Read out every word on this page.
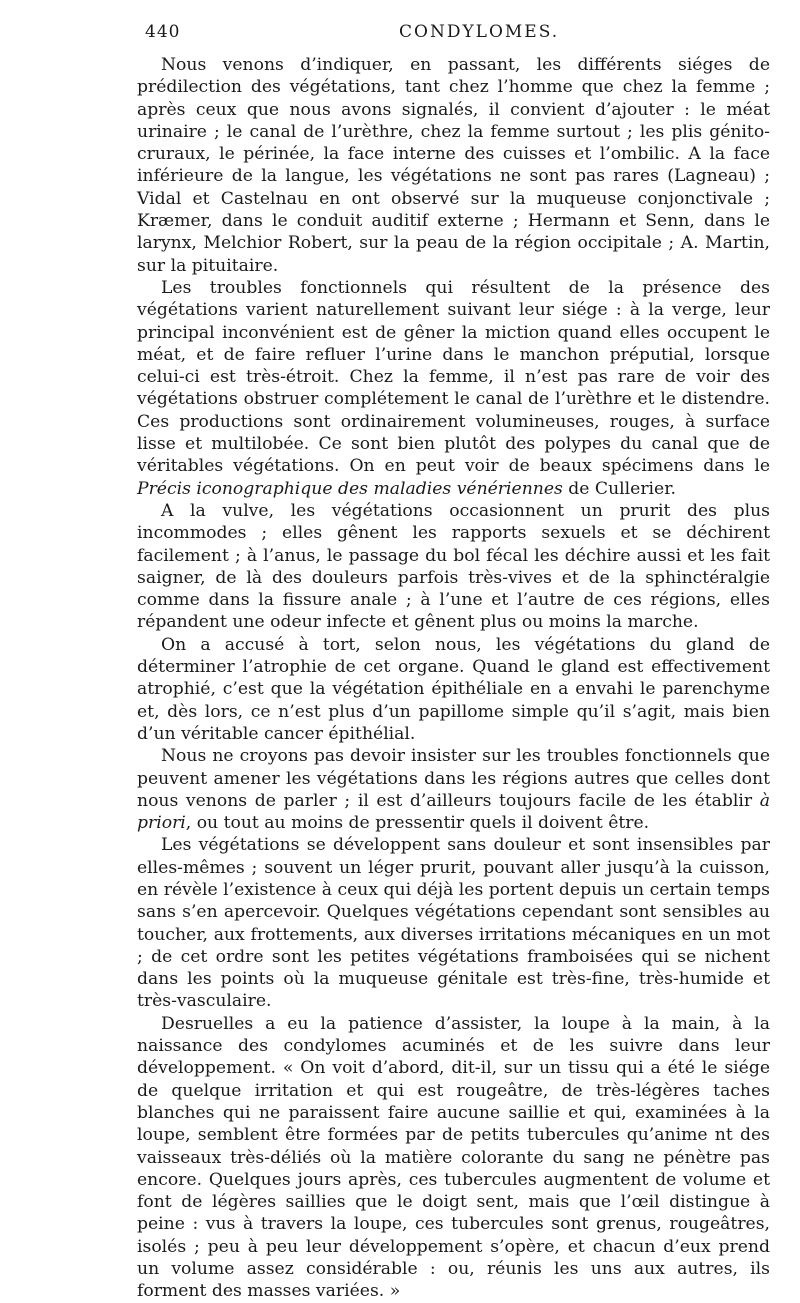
440	CONDYLOMES.

Nous venons d’indiquer, en passant, les différents siéges de prédilection des végétations, tant chez l’homme que chez la femme ; après ceux que nous avons signalés, il convient d’ajouter : le méat urinaire ; le canal de l’urèthre, chez la femme surtout ; les plis génito-cruraux, le périnée, la face interne des cuisses et l’ombilic. A la face inférieure de la langue, les végétations ne sont pas rares (Lagneau) ; Vidal et Castelnau en ont observé sur la muqueuse conjonctivale ; Kræmer, dans le conduit auditif externe ; Hermann et Senn, dans le larynx, Melchior Robert, sur la peau de la région occipitale ; A. Martin, sur la pituitaire.

Les troubles fonctionnels qui résultent de la présence des végétations varient naturellement suivant leur siége : à la verge, leur principal inconvénient est de gêner la miction quand elles occupent le méat, et de faire refluer l’urine dans le manchon préputial, lorsque celui-ci est très-étroit. Chez la femme, il n’est pas rare de voir des végétations obstruer complétement le canal de l’urèthre et le distendre. Ces productions sont ordinairement volumineuses, rouges, à surface lisse et multilobée. Ce sont bien plutôt des polypes du canal que de véritables végétations. On en peut voir de beaux spécimens dans le Précis iconographique des maladies vénériennes de Cullerier.

A la vulve, les végétations occasionnent un prurit des plus incommodes ; elles gênent les rapports sexuels et se déchirent facilement ; à l’anus, le passage du bol fécal les déchire aussi et les fait saigner, de là des douleurs parfois très-vives et de la sphinctéralgie comme dans la fissure anale ; à l’une et l’autre de ces régions, elles répandent une odeur infecte et gênent plus ou moins la marche.

On a accusé à tort, selon nous, les végétations du gland de déterminer l’atrophie de cet organe. Quand le gland est effectivement atrophié, c’est que la végétation épithéliale en a envahi le parenchyme et, dès lors, ce n’est plus d’un papillome simple qu’il s’agit, mais bien d’un véritable cancer épithélial.

Nous ne croyons pas devoir insister sur les troubles fonctionnels que peuvent amener les végétations dans les régions autres que celles dont nous venons de parler ; il est d’ailleurs toujours facile de les établir à priori, ou tout au moins de pressentir quels il doivent être.

Les végétations se développent sans douleur et sont insensibles par elles-mêmes ; souvent un léger prurit, pouvant aller jusqu’à la cuisson, en révèle l’existence à ceux qui déjà les portent depuis un certain temps sans s’en apercevoir. Quelques végétations cependant sont sensibles au toucher, aux frottements, aux diverses irritations mécaniques en un mot ; de cet ordre sont les petites végétations framboisées qui se nichent dans les points où la muqueuse génitale est très-fine, très-humide et très-vasculaire.

Desruelles a eu la patience d’assister, la loupe à la main, à la naissance des condylomes acuminés et de les suivre dans leur développement. « On voit d’abord, dit-il, sur un tissu qui a été le siége de quelque irritation et qui est rougeâtre, de très-légères taches blanches qui ne paraissent faire aucune saillie et qui, examinées à la loupe, semblent être formées par de petits tubercules qu’anime nt des vaisseaux très-déliés où la matière colorante du sang ne pénètre pas encore. Quelques jours après, ces tubercules augmentent de volume et font de légères saillies que le doigt sent, mais que l’œil distingue à peine : vus à travers la loupe, ces tubercules sont grenus, rougeâtres, isolés ; peu à peu leur développement s’opère, et chacun d’eux prend un volume assez considérable : ou, réunis les uns aux autres, ils forment des masses variées. »
